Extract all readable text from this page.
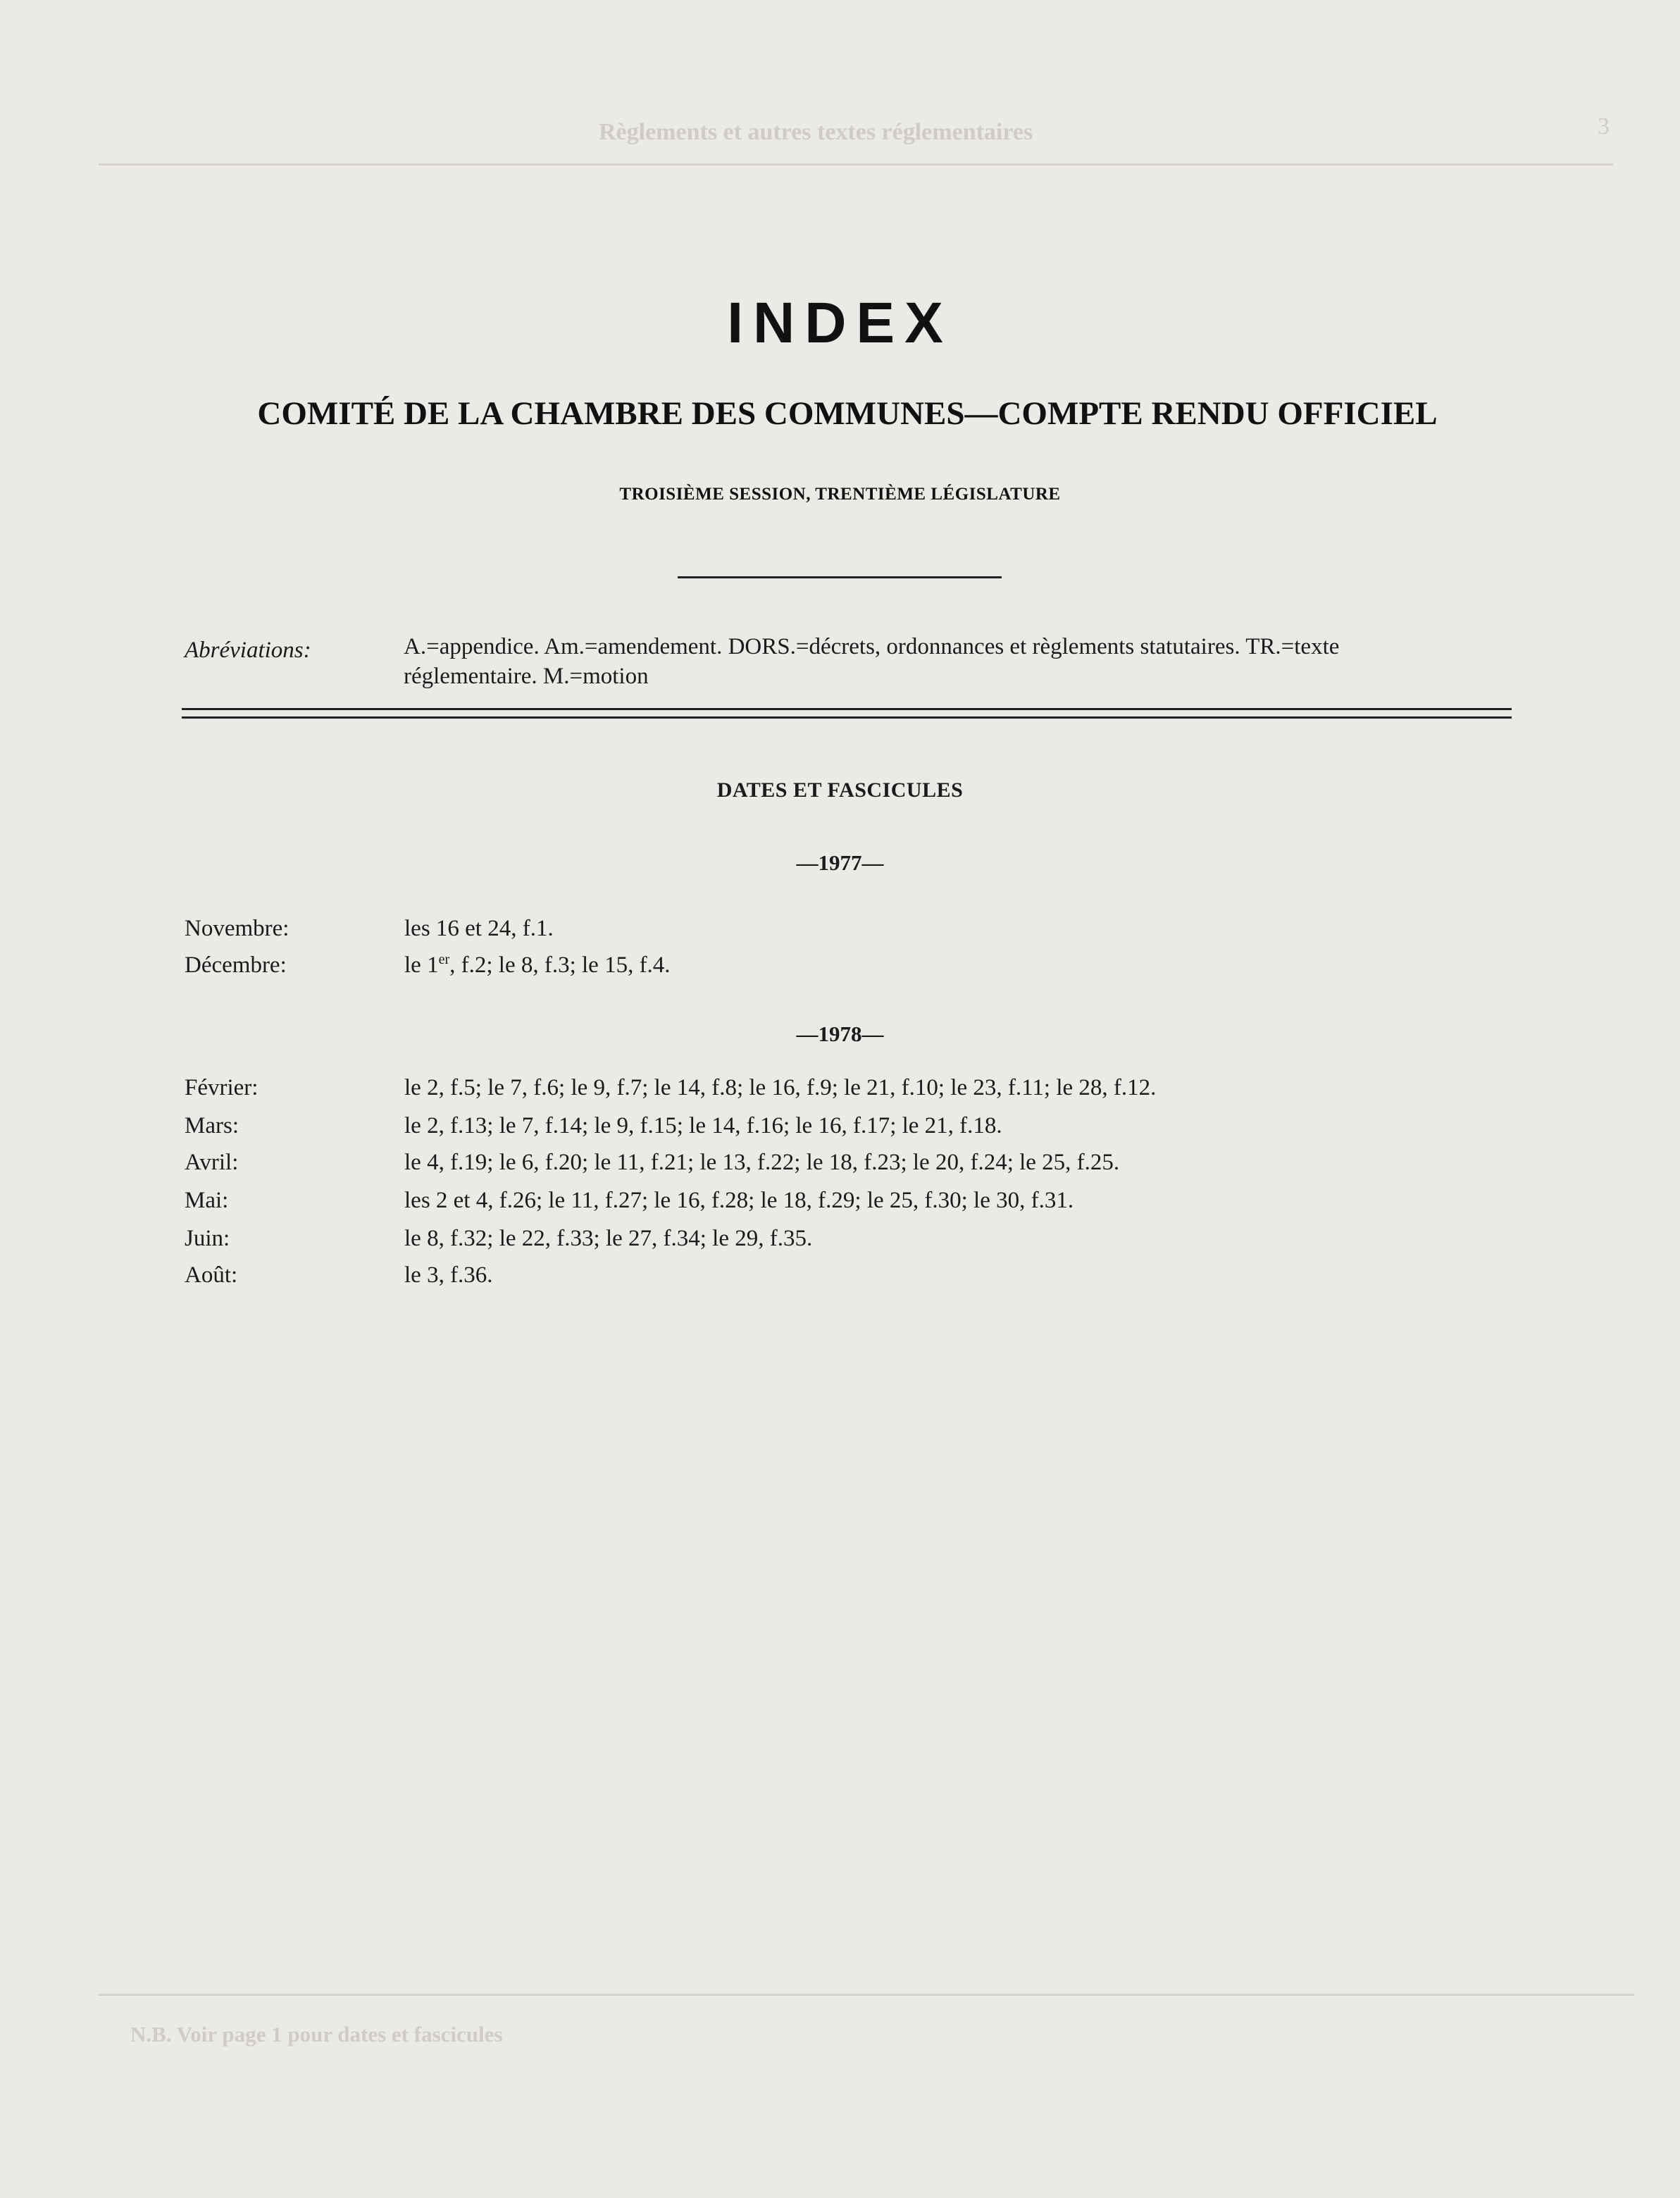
Règlements et autres textes réglementaires	3
N.B. Voir page 1 pour dates et fascicules
INDEX
COMITÉ DE LA CHAMBRE DES COMMUNES—COMPTE RENDU OFFICIEL
TROISIÈME SESSION, TRENTIÈME LÉGISLATURE
Abréviations:	A.=appendice. Am.=amendement. DORS.=décrets, ordonnances et règlements statutaires. TR.=texte
réglementaire. M.=motion
DATES ET FASCICULES
—1977—
Novembre:	les 16 et 24, f.1.
Décembre:	le 1er, f.2; le 8, f.3; le 15, f.4.
—1978—
Février:	le 2, f.5; le 7, f.6; le 9, f.7; le 14, f.8; le 16, f.9; le 21, f.10; le 23, f.11; le 28, f.12.
Mars:	le 2, f.13; le 7, f.14; le 9, f.15; le 14, f.16; le 16, f.17; le 21, f.18.
Avril:	le 4, f.19; le 6, f.20; le 11, f.21; le 13, f.22; le 18, f.23; le 20, f.24; le 25, f.25.
Mai:	les 2 et 4, f.26; le 11, f.27; le 16, f.28; le 18, f.29; le 25, f.30; le 30, f.31.
Juin:	le 8, f.32; le 22, f.33; le 27, f.34; le 29, f.35.
Août:	le 3, f.36.
